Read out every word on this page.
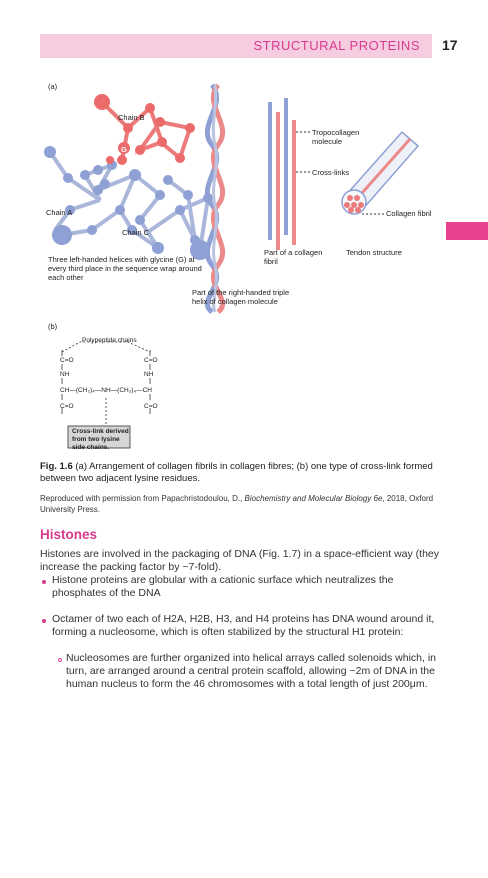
STRUCTURAL PROTEINS 17
(a)
Chain B
G
Chain A
Chain C
Three left-handed helices with glycine (G) at every third place in the sequence wrap around each other
Part of the right-handed triple helix of collagen molecule
Tropocollagen molecule
Cross-links
Part of a collagen fibril
Tendon structure
Collagen fibril
(b)
Polypeptide chains
C=O	C=O
NH	NH
CH—(CH₂)₄—NH—(CH₂)₄—CH
C=O	C=O
Cross-link derived from two lysine side chains.
Fig. 1.6 (a) Arrangement of collagen fibrils in collagen fibres; (b) one type of cross-link formed between two adjacent lysine residues.
Reproduced with permission from Papachristodoulou, D., Biochemistry and Molecular Biology 6e, 2018, Oxford University Press.
Histones
Histones are involved in the packaging of DNA (Fig. 1.7) in a space-efficient way (they increase the packing factor by ~7-fold).
Histone proteins are globular with a cationic surface which neutralizes the phosphates of the DNA
Octamer of two each of H2A, H2B, H3, and H4 proteins has DNA wound around it, forming a nucleosome, which is often stabilized by the structural H1 protein:
Nucleosomes are further organized into helical arrays called solenoids which, in turn, are arranged around a central protein scaffold, allowing ~2m of DNA in the human nucleus to form the 46 chromosomes with a total length of just 200μm.
